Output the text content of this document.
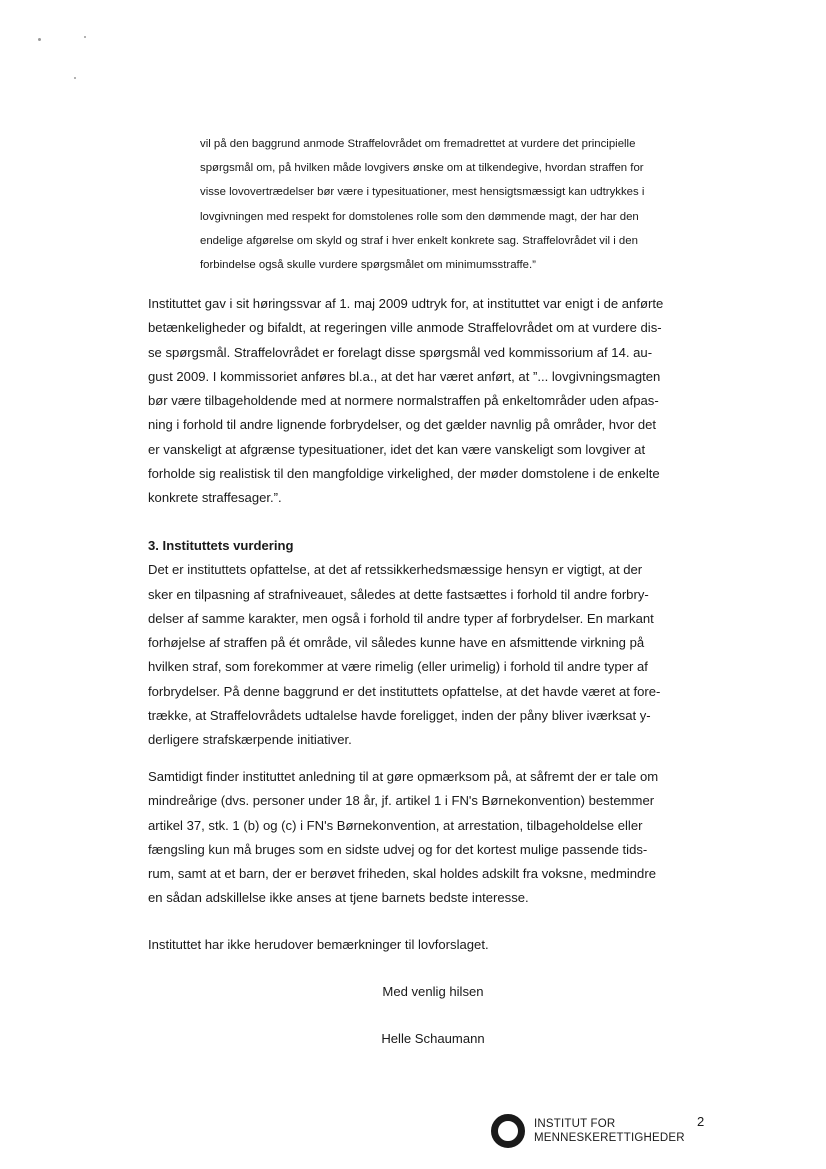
vil på den baggrund anmode Straffelovrådet om fremadrettet at vurdere det principielle
spørgsmål om, på hvilken måde lovgivers ønske om at tilkendegive, hvordan straffen for
visse lovovertrædelser bør være i typesituationer, mest hensigtsmæssigt kan udtrykkes i
lovgivningen med respekt for domstolenes rolle som den dømmende magt, der har den
endelige afgørelse om skyld og straf i hver enkelt konkrete sag. Straffelovrådet vil i den
forbindelse også skulle vurdere spørgsmålet om minimumsstraffe.”

Instituttet gav i sit høringssvar af 1. maj 2009 udtryk for, at instituttet var enigt i de anførte
betænkeligheder og bifaldt, at regeringen ville anmode Straffelovrådet om at vurdere dis-
se spørgsmål. Straffelovrådet er forelagt disse spørgsmål ved kommissorium af 14. au-
gust 2009. I kommissoriet anføres bl.a., at det har været anført, at ”... lovgivningsmagten
bør være tilbageholdende med at normere normalstraffen på enkeltområder uden afpas-
ning i forhold til andre lignende forbrydelser, og det gælder navnlig på områder, hvor det
er vanskeligt at afgrænse typesituationer, idet det kan være vanskeligt som lovgiver at
forholde sig realistisk til den mangfoldige virkelighed, der møder domstolene i de enkelte
konkrete straffesager.”.

3. Instituttets vurdering
Det er instituttets opfattelse, at det af retssikkerhedsmæssige hensyn er vigtigt, at der
sker en tilpasning af strafniveauet, således at dette fastsættes i forhold til andre forbry-
delser af samme karakter, men også i forhold til andre typer af forbrydelser. En markant
forhøjelse af straffen på ét område, vil således kunne have en afsmittende virkning på
hvilken straf, som forekommer at være rimelig (eller urimelig) i forhold til andre typer af
forbrydelser. På denne baggrund er det instituttets opfattelse, at det havde været at fore-
trække, at Straffelovrådets udtalelse havde foreligget, inden der påny bliver iværksat y-
derligere strafskærpende initiativer.

Samtidigt finder instituttet anledning til at gøre opmærksom på, at såfremt der er tale om
mindreårige (dvs. personer under 18 år, jf. artikel 1 i FN's Børnekonvention) bestemmer
artikel 37, stk. 1 (b) og (c) i FN's Børnekonvention, at arrestation, tilbageholdelse eller
fængsling kun må bruges som en sidste udvej og for det kortest mulige passende tids-
rum, samt at et barn, der er berøvet friheden, skal holdes adskilt fra voksne, medmindre
en sådan adskillelse ikke anses at tjene barnets bedste interesse.

Instituttet har ikke herudover bemærkninger til lovforslaget.

Med venlig hilsen

Helle Schaumann

INSTITUT FOR
MENNESKERETTIGHEDER
2
